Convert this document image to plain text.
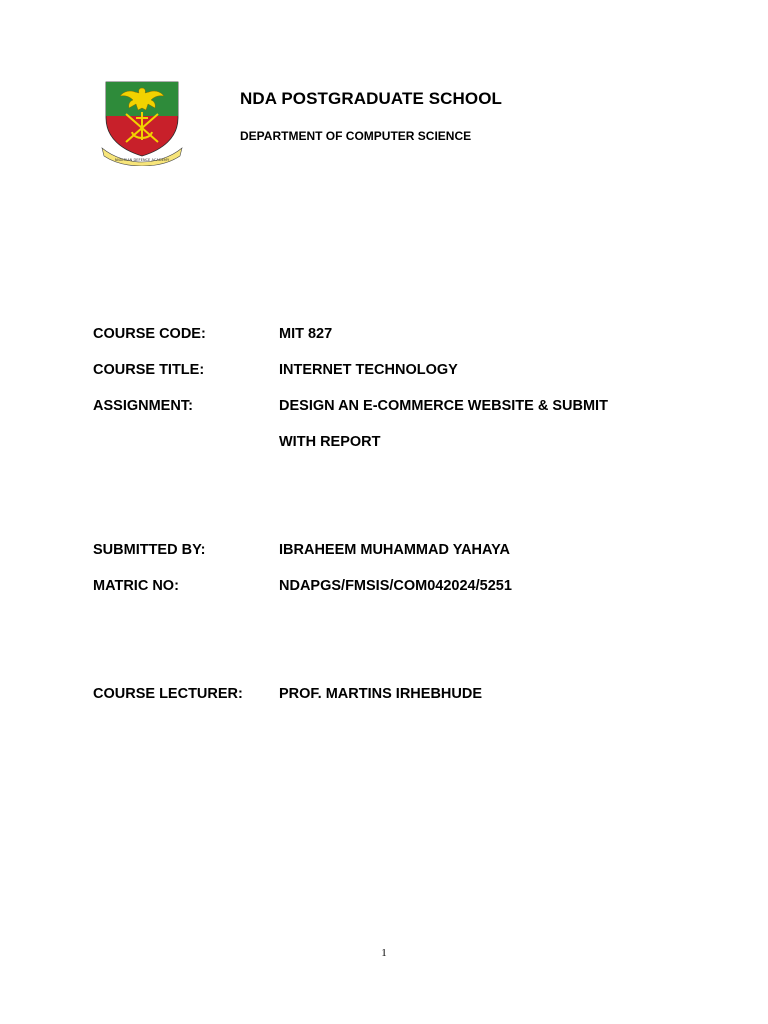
NIGERIAN DEFENCE ACADEMY
NDA POSTGRADUATE SCHOOL
DEPARTMENT OF COMPUTER SCIENCE
COURSE CODE:	MIT 827
COURSE TITLE:	INTERNET TECHNOLOGY
ASSIGNMENT:	DESIGN AN E-COMMERCE WEBSITE & SUBMIT
WITH REPORT
SUBMITTED BY:	IBRAHEEM MUHAMMAD YAHAYA
MATRIC NO:	NDAPGS/FMSIS/COM042024/5251
COURSE LECTURER: PROF. MARTINS IRHEBHUDE
1
